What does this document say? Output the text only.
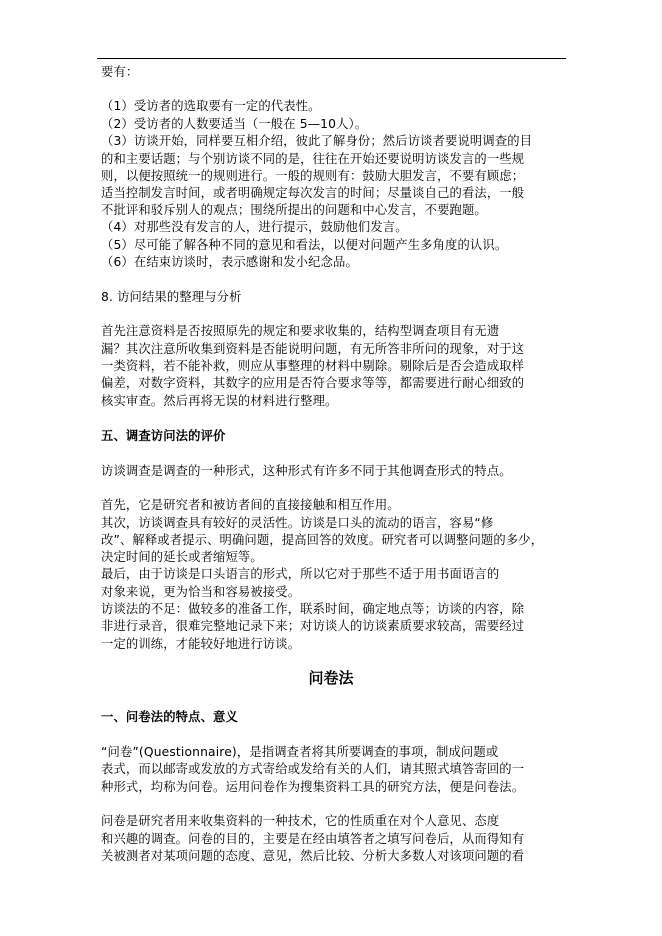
要有：
（1）受访者的选取要有一定的代表性。
（2）受访者的人数要适当（一般在 5—10人）。
（3）访谈开始，同样要互相介绍，彼此了解身份；然后访谈者要说明调查的目
的和主要话题；与个别访谈不同的是，往往在开始还要说明访谈发言的一些规
则，以便按照统一的规则进行。一般的规则有：鼓励大胆发言，不要有顾虑；
适当控制发言时间，或者明确规定每次发言的时间；尽量谈自己的看法，一般
不批评和驳斥别人的观点；围绕所提出的问题和中心发言，不要跑题。
（4）对那些没有发言的人，进行提示，鼓励他们发言。
（5）尽可能了解各种不同的意见和看法，以便对问题产生多角度的认识。
（6）在结束访谈时，表示感谢和发小纪念品。
8. 访问结果的整理与分析
首先注意资料是否按照原先的规定和要求收集的，结构型调查项目有无遗
漏？其次注意所收集到资料是否能说明问题，有无所答非所问的现象，对于这
一类资料，若不能补救，则应从事整理的材料中剔除。剔除后是否会造成取样
偏差，对数字资料，其数字的应用是否符合要求等等，都需要进行耐心细致的
核实审查。然后再将无误的材料进行整理。
五、调查访问法的评价
访谈调查是调查的一种形式，这种形式有许多不同于其他调查形式的特点。
首先，它是研究者和被访者间的直接接触和相互作用。
其次，访谈调查具有较好的灵活性。访谈是口头的流动的语言，容易“修
改”、解释或者提示、明确问题，提高回答的效度。研究者可以调整问题的多少，
决定时间的延长或者缩短等。
最后，由于访谈是口头语言的形式，所以它对于那些不适于用书面语言的
对象来说，更为恰当和容易被接受。
访谈法的不足：做较多的准备工作，联系时间，确定地点等；访谈的内容，除
非进行录音，很难完整地记录下来；对访谈人的访谈素质要求较高，需要经过
一定的训练，才能较好地进行访谈。
问卷法
一、问卷法的特点、意义
“问卷”(Questionnaire)，是指调查者将其所要调查的事项，制成问题或
表式，而以邮寄或发放的方式寄给或发给有关的人们，请其照式填答寄回的一
种形式，均称为问卷。运用问卷作为搜集资料工具的研究方法，便是问卷法。
问卷是研究者用来收集资料的一种技术，它的性质重在对个人意见、态度
和兴趣的调查。问卷的目的，主要是在经由填答者之填写问卷后，从而得知有
关被测者对某项问题的态度、意见，然后比较、分析大多数人对该项问题的看
